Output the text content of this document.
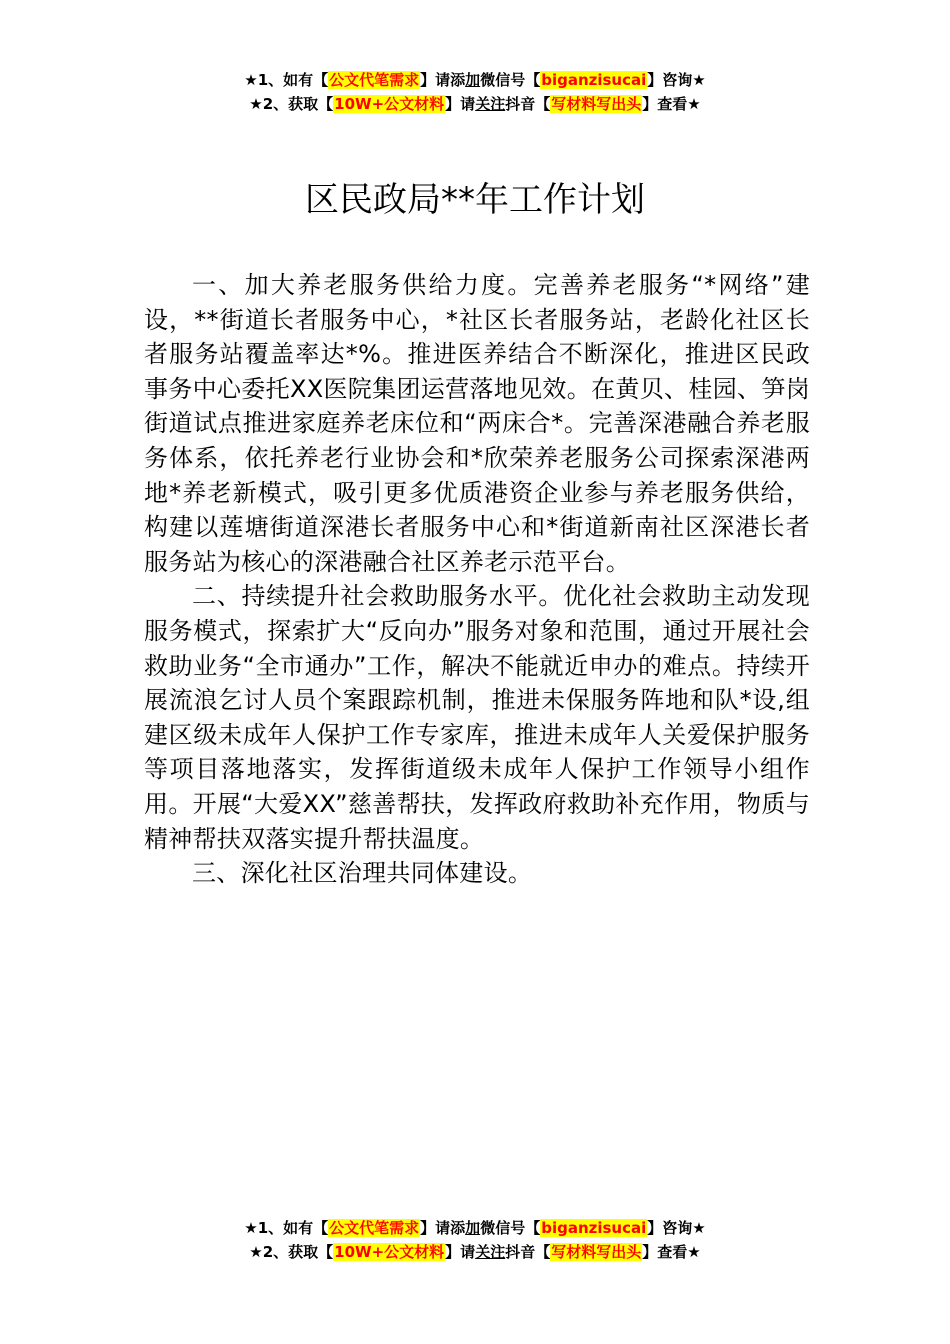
★1、如有【公文代笔需求】请添加微信号【biganzisucai】咨询★
★2、获取【10W+公文材料】请关注抖音【写材料写出头】查看★
区民政局**年工作计划

一、加大养老服务供给力度。完善养老服务“*网络”建设，**街道长者服务中心，*社区长者服务站，老龄化社区长者服务站覆盖率达*%。推进医养结合不断深化，推进区民政事务中心委托XX医院集团运营落地见效。在黄贝、桂园、笋岗街道试点推进家庭养老床位和“两床合*。完善深港融合养老服务体系，依托养老行业协会和*欣荣养老服务公司探索深港两地*养老新模式，吸引更多优质港资企业参与养老服务供给，构建以莲塘街道深港长者服务中心和*街道新南社区深港长者服务站为核心的深港融合社区养老示范平台。

二、持续提升社会救助服务水平。优化社会救助主动发现服务模式，探索扩大“反向办”服务对象和范围，通过开展社会救助业务“全市通办”工作，解决不能就近申办的难点。持续开展流浪乞讨人员个案跟踪机制，推进未保服务阵地和队*设,组建区级未成年人保护工作专家库，推进未成年人关爱保护服务等项目落地落实，发挥街道级未成年人保护工作领导小组作用。开展“大爱XX”慈善帮扶，发挥政府救助补充作用，物质与精神帮扶双落实提升帮扶温度。

三、深化社区治理共同体建设。

★1、如有【公文代笔需求】请添加微信号【biganzisucai】咨询★
★2、获取【10W+公文材料】请关注抖音【写材料写出头】查看★
